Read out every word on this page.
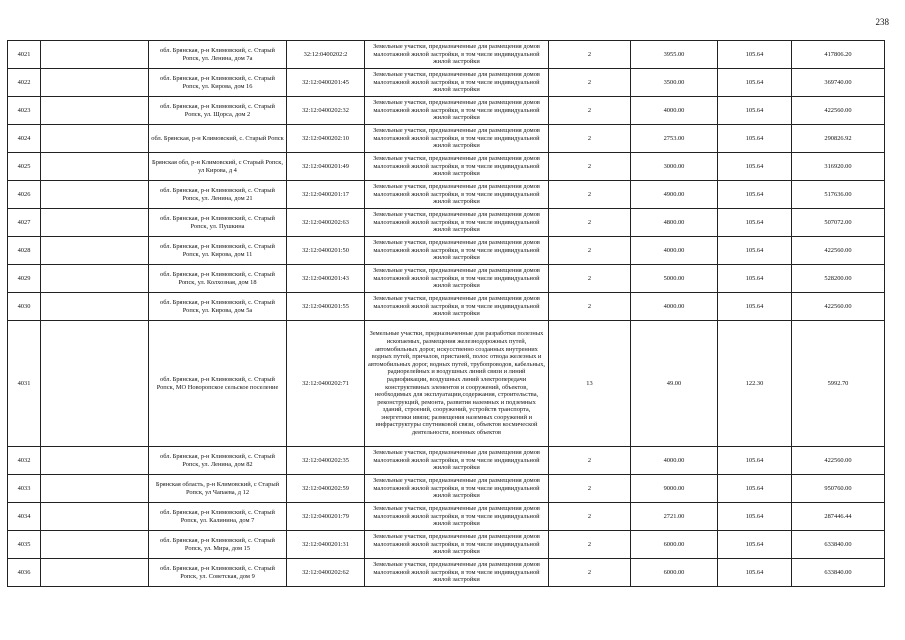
238
4021		обл. Брянская, р-н Климовский, с. Старый Ропск, ул. Ленина, дом 7а	32:12:0400202:2	Земельные участки, предназначенные для размещения домов малоэтажной жилой застройки, в том числе индивидуальной жилой застройки	2	3955.00	105.64	417806.20
4022		обл. Брянская, р-н Климовский, с. Старый Ропск, ул. Кирова, дом 16	32:12:0400201:45	Земельные участки, предназначенные для размещения домов малоэтажной жилой застройки, в том числе индивидуальной жилой застройки	2	3500.00	105.64	369740.00
4023		обл. Брянская, р-н Климовский, с. Старый Ропск, ул. Щорса, дом 2	32:12:0400202:32	Земельные участки, предназначенные для размещения домов малоэтажной жилой застройки, в том числе индивидуальной жилой застройки	2	4000.00	105.64	422560.00
4024		обл. Брянская, р-н Климовский, с. Старый Ропск	32:12:0400202:10	Земельные участки, предназначенные для размещения домов малоэтажной жилой застройки, в том числе индивидуальной жилой застройки	2	2753.00	105.64	290826.92
4025		Брянская обл, р-н Климовский, с Старый Ропск, ул Кирова, д 4	32:12:0400201:49	Земельные участки, предназначенные для размещения домов малоэтажной жилой застройки, в том числе индивидуальной жилой застройки	2	3000.00	105.64	316920.00
4026		обл. Брянская, р-н Климовский, с. Старый Ропск, ул. Ленина, дом 21	32:12:0400201:17	Земельные участки, предназначенные для размещения домов малоэтажной жилой застройки, в том числе индивидуальной жилой застройки	2	4900.00	105.64	517636.00
4027		обл. Брянская, р-н Климовский, с. Старый Ропск, ул. Пушкина	32:12:0400202:63	Земельные участки, предназначенные для размещения домов малоэтажной жилой застройки, в том числе индивидуальной жилой застройки	2	4800.00	105.64	507072.00
4028		обл. Брянская, р-н Климовский, с. Старый Ропск, ул. Кирова, дом 11	32:12:0400201:50	Земельные участки, предназначенные для размещения домов малоэтажной жилой застройки, в том числе индивидуальной жилой застройки	2	4000.00	105.64	422560.00
4029		обл. Брянская, р-н Климовский, с. Старый Ропск, ул. Колхозная, дом 18	32:12:0400201:43	Земельные участки, предназначенные для размещения домов малоэтажной жилой застройки, в том числе индивидуальной жилой застройки	2	5000.00	105.64	528200.00
4030		обл. Брянская, р-н Климовский, с. Старый Ропск, ул. Кирова, дом 5а	32:12:0400201:55	Земельные участки, предназначенные для размещения домов малоэтажной жилой застройки, в том числе индивидуальной жилой застройки	2	4000.00	105.64	422560.00
4031		обл. Брянская, р-н Климовский, с. Старый Ропск, МО Новоропское сельское поселение	32:12:0400202:71	Земельные участки, предназначенные для разработки полезных ископаемых, размещения железнодорожных путей, автомобильных дорог, искусственно созданных внутренних водных путей, причалов, пристаней, полос отвода железных и автомобильных дорог, водных путей, трубопроводов, кабельных, радиорелейных и воздушных линий связи и линий радиофикации, воздушных линий электропередачи конструктивных элементов и сооружений, объектов, необходимых для эксплуатации,содержания, строительства, реконструкций, ремонта, развития наземных и подземных зданий, строений, сооружений, устройств транспорта, энергетики ивязи; размещения наземных сооружений и инфраструктуры спутниковой связи, объектов космической деятельности, военных объектов	13	49.00	122.30	5992.70
4032		обл. Брянская, р-н Климовский, с. Старый Ропск, ул. Ленина, дом 82	32:12:0400202:35	Земельные участки, предназначенные для размещения домов малоэтажной жилой застройки, в том числе индивидуальной жилой застройки	2	4000.00	105.64	422560.00
4033		Брянская область, р-н Климовский, с Старый Ропск, ул Чапаева, д 12	32:12:0400202:59	Земельные участки, предназначенные для размещения домов малоэтажной жилой застройки, в том числе индивидуальной жилой застройки	2	9000.00	105.64	950760.00
4034		обл. Брянская, р-н Климовский, с. Старый Ропск, ул. Калинина, дом 7	32:12:0400201:79	Земельные участки, предназначенные для размещения домов малоэтажной жилой застройки, в том числе индивидуальной жилой застройки	2	2721.00	105.64	287446.44
4035		обл. Брянская, р-н Климовский, с. Старый Ропск, ул. Мира, дом 15	32:12:0400201:31	Земельные участки, предназначенные для размещения домов малоэтажной жилой застройки, в том числе индивидуальной жилой застройки	2	6000.00	105.64	633840.00
4036		обл. Брянская, р-н Климовский, с. Старый Ропск, ул. Советская, дом 9	32:12:0400202:62	Земельные участки, предназначенные для размещения домов малоэтажной жилой застройки, в том числе индивидуальной жилой застройки	2	6000.00	105.64	633840.00
